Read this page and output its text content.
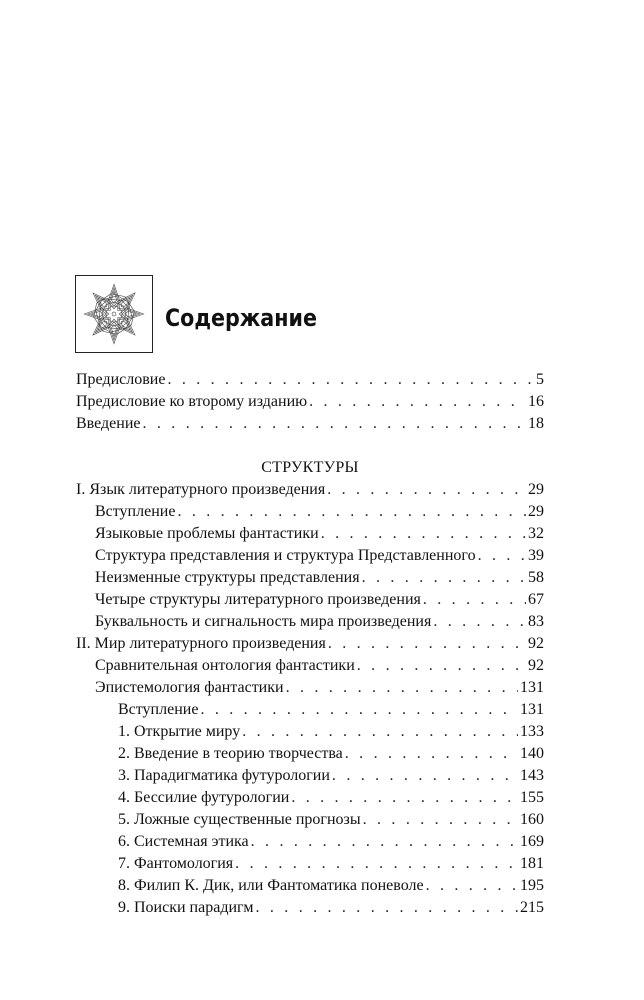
Содержание
Предисловие . . .	5
Предисловие ко второму изданию . . .	16
Введение . . .	18
СТРУКТУРЫ
I. Язык литературного произведения . . .	29
Вступление . . .	29
Языковые проблемы фантастики . . .	32
Структура представления и структура Представленного . . .	39
Неизменные структуры представления . . .	58
Четыре структуры литературного произведения . . .	67
Буквальность и сигнальность мира произведения . . .	83
II. Мир литературного произведения . . .	92
Сравнительная онтология фантастики . . .	92
Эпистемология фантастики . . .	131
Вступление . . .	131
1. Открытие миру . . .	133
2. Введение в теорию творчества . . .	140
3. Парадигматика футурологии . . .	143
4. Бессилие футурологии . . .	155
5. Ложные существенные прогнозы . . .	160
6. Системная этика . . .	169
7. Фантомология . . .	181
8. Филип К. Дик, или Фантоматика поневоле . . .	195
9. Поиски парадигм . . .	215
